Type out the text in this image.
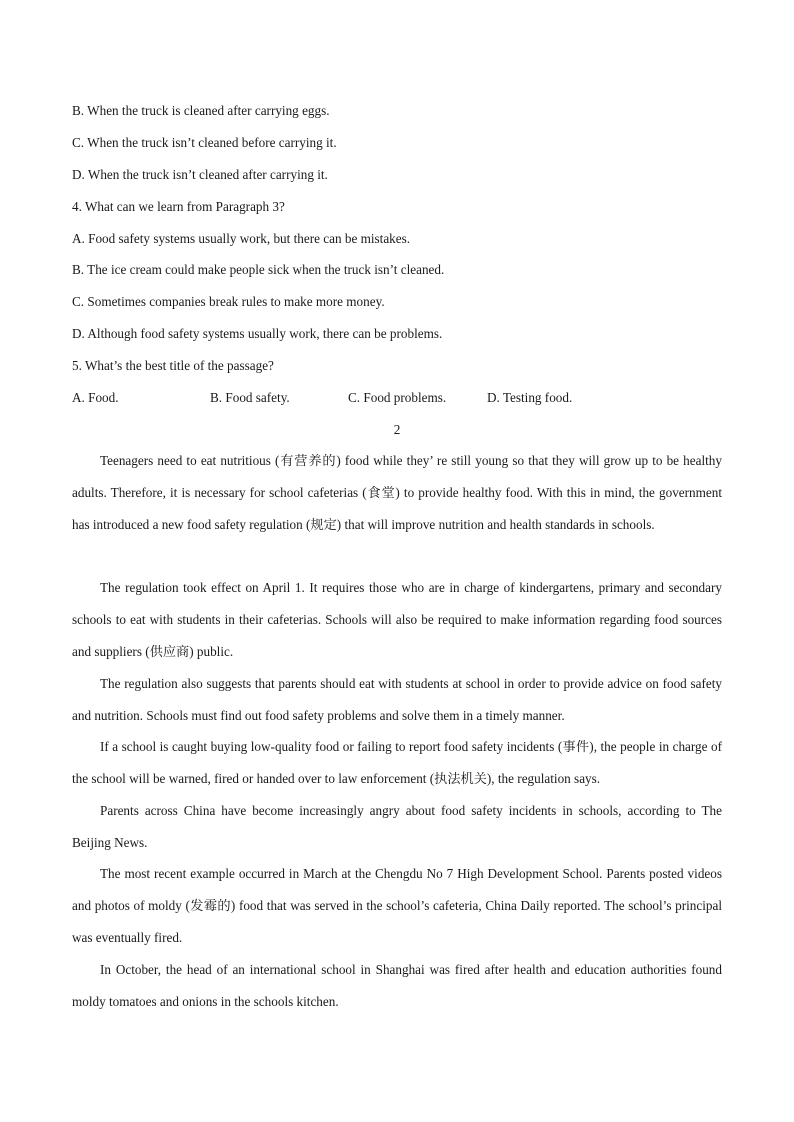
B. When the truck is cleaned after carrying eggs.
C. When the truck isn’t cleaned before carrying it.
D. When the truck isn’t cleaned after carrying it.
4. What can we learn from Paragraph 3?
A. Food safety systems usually work, but there can be mistakes.
B. The ice cream could make people sick when the truck isn’t cleaned.
C. Sometimes companies break rules to make more money.
D. Although food safety systems usually work, there can be problems.
5. What’s the best title of the passage?
A. Food.	B. Food safety.	C. Food problems.	D. Testing food.
2
Teenagers need to eat nutritious (有营养的) food while they’ re still young so that they will grow up to be healthy adults. Therefore, it is necessary for school cafeterias (食堂) to provide healthy food. With this in mind, the government has introduced a new food safety regulation (规定) that will improve nutrition and health standards in schools.
The regulation took effect on April 1. It requires those who are in charge of kindergartens, primary and secondary schools to eat with students in their cafeterias. Schools will also be required to make information regarding food sources and suppliers (供应商) public.
The regulation also suggests that parents should eat with students at school in order to provide advice on food safety and nutrition. Schools must find out food safety problems and solve them in a timely manner.
If a school is caught buying low-quality food or failing to report food safety incidents (事件), the people in charge of the school will be warned, fired or handed over to law enforcement (执法机关), the regulation says.
Parents across China have become increasingly angry about food safety incidents in schools, according to The Beijing News.
The most recent example occurred in March at the Chengdu No 7 High Development School. Parents posted videos and photos of moldy (发霉的) food that was served in the school’s cafeteria, China Daily reported. The school’s principal was eventually fired.
In October, the head of an international school in Shanghai was fired after health and education authorities found moldy tomatoes and onions in the schools kitchen.
